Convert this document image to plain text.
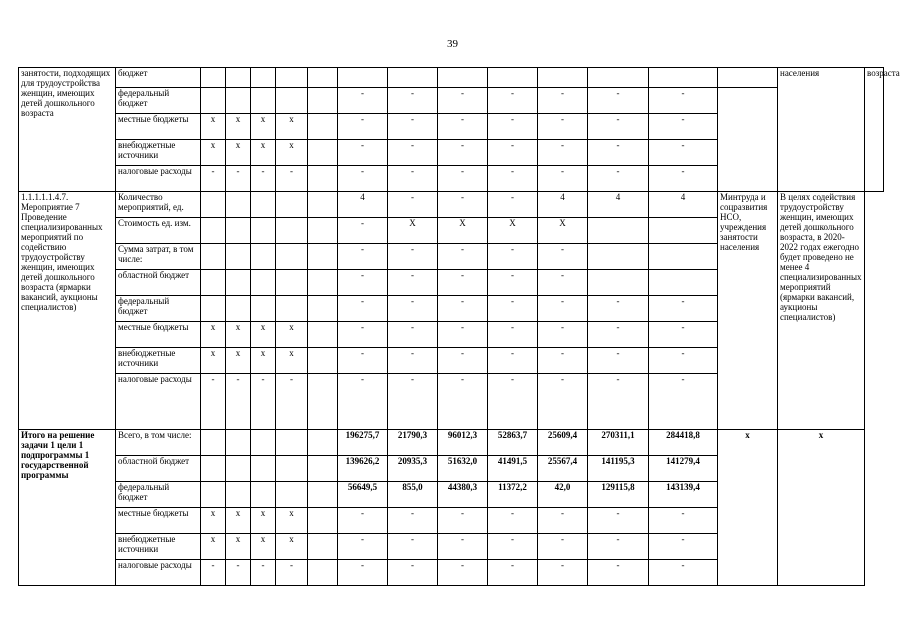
39
занятости, подходящих для трудоустройства женщин, имеющих детей дошкольного возраста	бюджет														населения	возраста
	федеральный бюджет						-	-	-	-	-	-	-			
	местные бюджеты	х	х	х	х		-	-	-	-	-	-	-			
	внебюджетные источники	х	х	х	х		-	-	-	-	-	-	-			
	налоговые расходы	-	-	-	-		-	-	-	-	-	-	-			
1.1.1.1.1.4.7. Мероприятие 7 Проведение специализированных мероприятий по содействию трудоустройству женщин, имеющих детей дошкольного возраста (ярмарки вакансий, аукционы специалистов)	Количество мероприятий, ед.						4	-	-	-	4	4	4	Минтруда и соцразвития НСО, учреждения занятости населения	В целях содействия трудоустройству женщин, имеющих детей дошкольного возраста, в 2020-2022 годах ежегодно будет проведено не менее 4 специализированных мероприятий (ярмарки вакансий, аукционы специалистов)	
	Стоимость ед. изм.						-	Х	Х	Х	Х					
	Сумма затрат, в том числе:						-	-	-	-	-					
	областной бюджет						-	-	-	-	-					
	федеральный бюджет						-	-	-	-	-	-	-			
	местные бюджеты	х	х	х	х		-	-	-	-	-	-	-			
	внебюджетные источники	х	х	х	х		-	-	-	-	-	-	-			
	налоговые расходы	-	-	-	-		-	-	-	-	-	-	-			
Итого на решение задачи 1 цели 1 подпрограммы 1 государственной программы	Всего, в том числе:						196275,7	21790,3	96012,3	52863,7	25609,4	270311,1	284418,8	х	х	
	областной бюджет						139626,2	20935,3	51632,0	41491,5	25567,4	141195,3	141279,4			
	федеральный бюджет						56649,5	855,0	44380,3	11372,2	42,0	129115,8	143139,4			
	местные бюджеты	х	х	х	х		-	-	-	-	-	-	-			
	внебюджетные источники	х	х	х	х		-	-	-	-	-	-	-			
	налоговые расходы	-	-	-	-		-	-	-	-	-	-	-			
